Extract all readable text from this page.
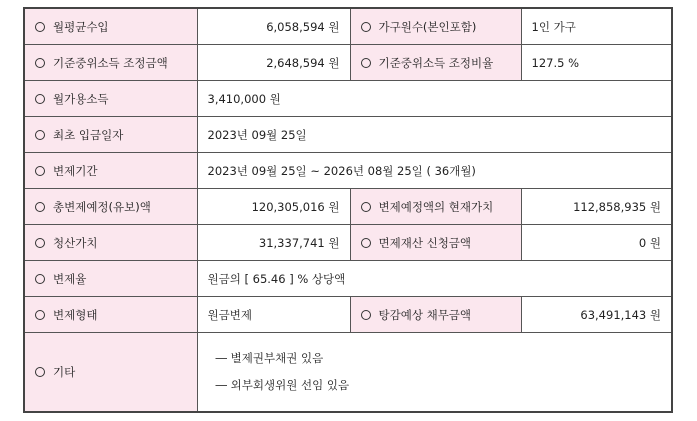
월평균수입	6,058,594 원	가구원수(본인포함)	1인 가구
기준중위소득 조정금액	2,648,594 원	기준중위소득 조정비율	127.5 %
월가용소득	3,410,000 원		
최초 입금일자	2023년 09월 25일		
변제기간	2023년 09월 25일 ~ 2026년 08월 25일 ( 36개월)		
총변제예정(유보)액	120,305,016 원	변제예정액의 현재가치	112,858,935 원
청산가치	31,337,741 원	면제재산 신청금액	0 원
변제율	원금의 [ 65.46 ] % 상당액		
변제형태	원금변제	탕감예상 채무금액	63,491,143 원
기타	― 별제권부채권 있음
― 외부회생위원 선임 있음		
